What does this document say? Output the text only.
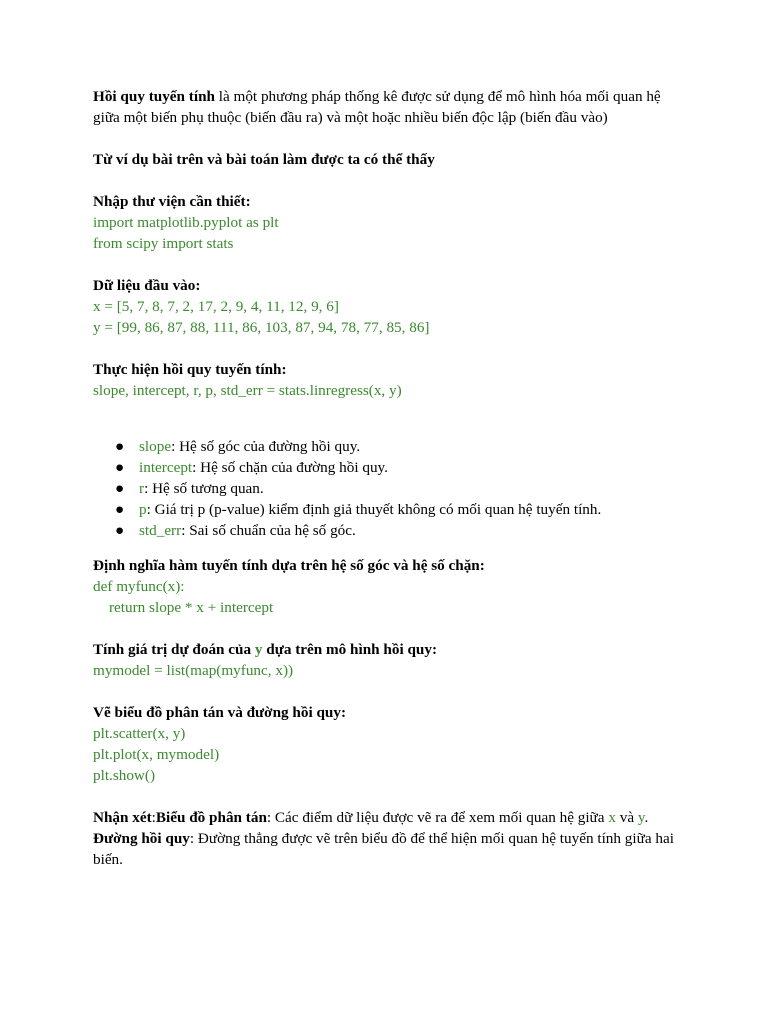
Hồi quy tuyến tính là một phương pháp thống kê được sử dụng để mô hình hóa mối quan hệ giữa một biến phụ thuộc (biến đầu ra) và một hoặc nhiều biến độc lập (biến đầu vào)

Từ ví dụ bài trên và bài toán làm được ta có thể thấy

Nhập thư viện cần thiết:

import matplotlib.pyplot as plt

from scipy import stats

Dữ liệu đầu vào:

x = [5, 7, 8, 7, 2, 17, 2, 9, 4, 11, 12, 9, 6]

y = [99, 86, 87, 88, 111, 86, 103, 87, 94, 78, 77, 85, 86]

Thực hiện hồi quy tuyến tính:

slope, intercept, r, p, std_err = stats.linregress(x, y)

● slope: Hệ số góc của đường hồi quy.
● intercept: Hệ số chặn của đường hồi quy.
● r: Hệ số tương quan.
● p: Giá trị p (p-value) kiểm định giả thuyết không có mối quan hệ tuyến tính.
● std_err: Sai số chuẩn của hệ số góc.

Định nghĩa hàm tuyến tính dựa trên hệ số góc và hệ số chặn:

def myfunc(x):

return slope * x + intercept

Tính giá trị dự đoán của y dựa trên mô hình hồi quy:

mymodel = list(map(myfunc, x))

Vẽ biểu đồ phân tán và đường hồi quy:

plt.scatter(x, y)

plt.plot(x, mymodel)

plt.show()

Nhận xét:Biểu đồ phân tán: Các điểm dữ liệu được vẽ ra để xem mối quan hệ giữa x và y.

Đường hồi quy: Đường thẳng được vẽ trên biểu đồ để thể hiện mối quan hệ tuyến tính giữa hai biến.
